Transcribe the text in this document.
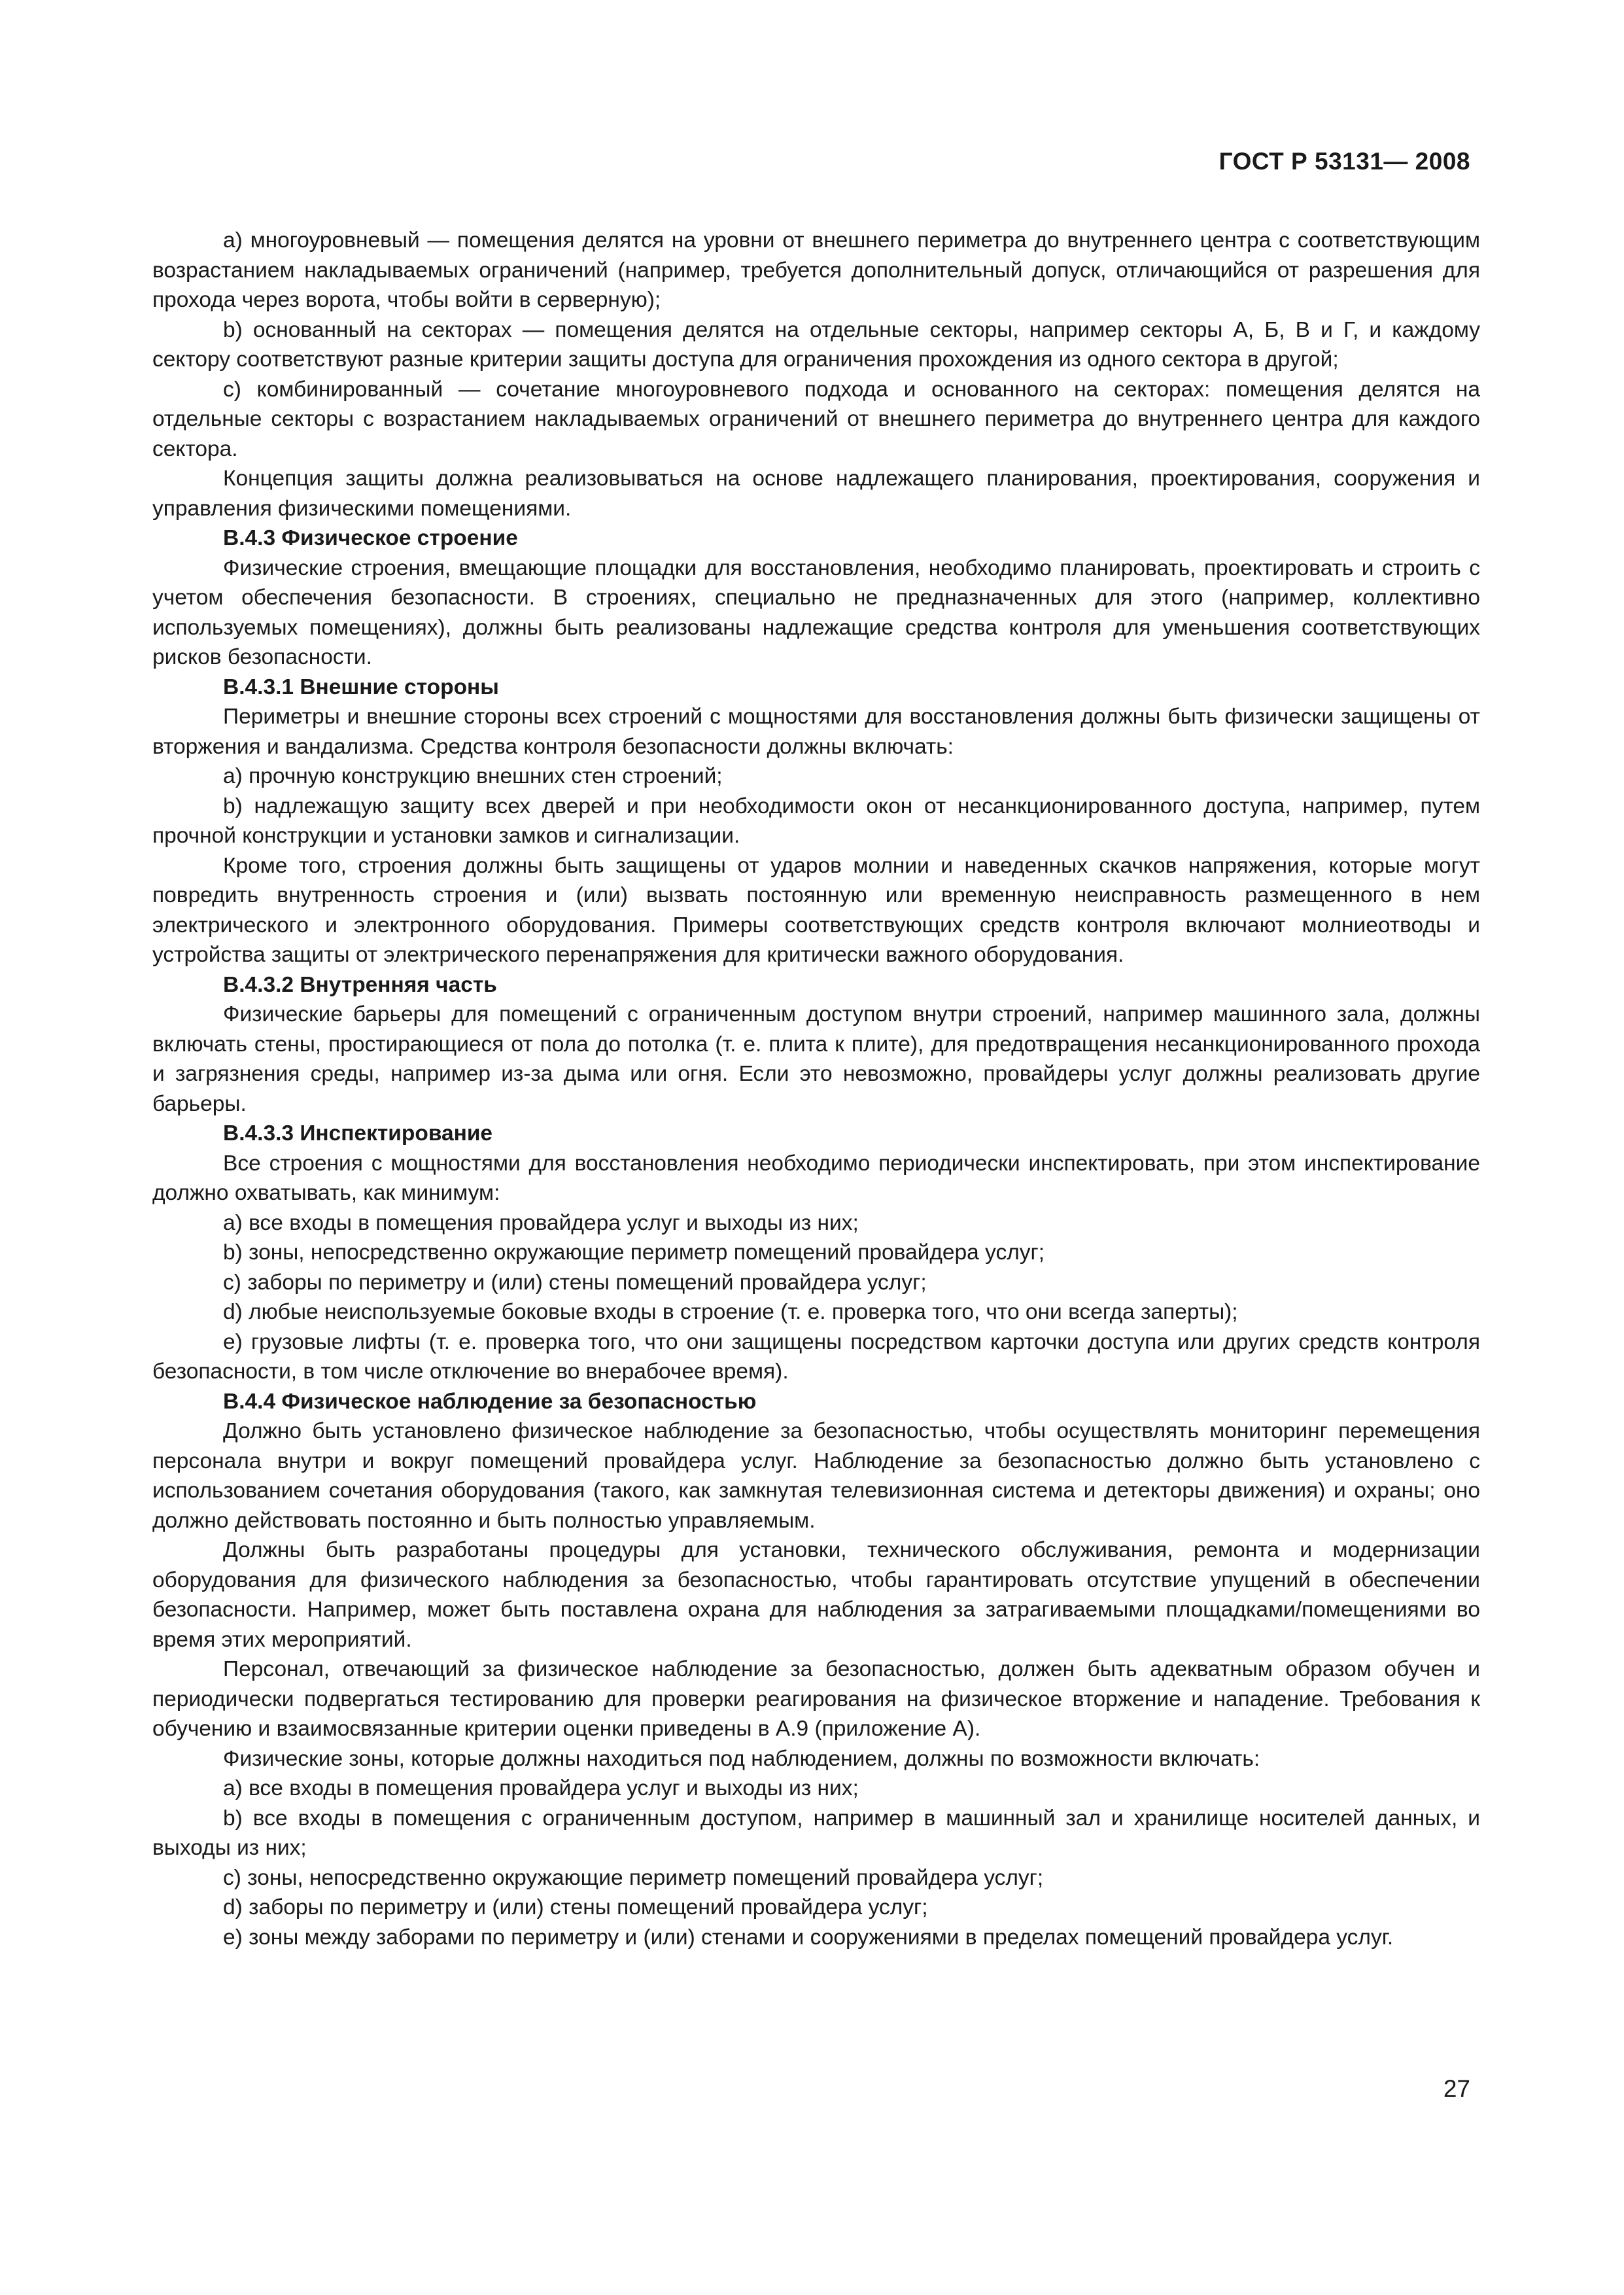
ГОСТ Р 53131— 2008

a) многоуровневый — помещения делятся на уровни от внешнего периметра до внутреннего центра с соответствующим возрастанием накладываемых ограничений (например, требуется дополнительный допуск, отличающийся от разрешения для прохода через ворота, чтобы войти в серверную);

b) основанный на секторах — помещения делятся на отдельные секторы, например секторы А, Б, В и Г, и каждому сектору соответствуют разные критерии защиты доступа для ограничения прохождения из одного сектора в другой;

c) комбинированный — сочетание многоуровневого подхода и основанного на секторах: помещения делятся на отдельные секторы с возрастанием накладываемых ограничений от внешнего периметра до внутреннего центра для каждого сектора.

Концепция защиты должна реализовываться на основе надлежащего планирования, проектирования, сооружения и управления физическими помещениями.

В.4.3 Физическое строение

Физические строения, вмещающие площадки для восстановления, необходимо планировать, проектировать и строить с учетом обеспечения безопасности. В строениях, специально не предназначенных для этого (например, коллективно используемых помещениях), должны быть реализованы надлежащие средства контроля для уменьшения соответствующих рисков безопасности.

В.4.3.1 Внешние стороны

Периметры и внешние стороны всех строений с мощностями для восстановления должны быть физически защищены от вторжения и вандализма. Средства контроля безопасности должны включать:

a) прочную конструкцию внешних стен строений;

b) надлежащую защиту всех дверей и при необходимости окон от несанкционированного доступа, например, путем прочной конструкции и установки замков и сигнализации.

Кроме того, строения должны быть защищены от ударов молнии и наведенных скачков напряжения, которые могут повредить внутренность строения и (или) вызвать постоянную или временную неисправность размещенного в нем электрического и электронного оборудования. Примеры соответствующих средств контроля включают молниеотводы и устройства защиты от электрического перенапряжения для критически важного оборудования.

В.4.3.2 Внутренняя часть

Физические барьеры для помещений с ограниченным доступом внутри строений, например машинного зала, должны включать стены, простирающиеся от пола до потолка (т. е. плита к плите), для предотвращения несанкционированного прохода и загрязнения среды, например из-за дыма или огня. Если это невозможно, провайдеры услуг должны реализовать другие барьеры.

В.4.3.3 Инспектирование

Все строения с мощностями для восстановления необходимо периодически инспектировать, при этом инспектирование должно охватывать, как минимум:

a) все входы в помещения провайдера услуг и выходы из них;

b) зоны, непосредственно окружающие периметр помещений провайдера услуг;

c) заборы по периметру и (или) стены помещений провайдера услуг;

d) любые неиспользуемые боковые входы в строение (т. е. проверка того, что они всегда заперты);

e) грузовые лифты (т. е. проверка того, что они защищены посредством карточки доступа или других средств контроля безопасности, в том числе отключение во внерабочее время).

В.4.4 Физическое наблюдение за безопасностью

Должно быть установлено физическое наблюдение за безопасностью, чтобы осуществлять мониторинг перемещения персонала внутри и вокруг помещений провайдера услуг. Наблюдение за безопасностью должно быть установлено с использованием сочетания оборудования (такого, как замкнутая телевизионная система и детекторы движения) и охраны; оно должно действовать постоянно и быть полностью управляемым.

Должны быть разработаны процедуры для установки, технического обслуживания, ремонта и модернизации оборудования для физического наблюдения за безопасностью, чтобы гарантировать отсутствие упущений в обеспечении безопасности. Например, может быть поставлена охрана для наблюдения за затрагиваемыми площадками/помещениями во время этих мероприятий.

Персонал, отвечающий за физическое наблюдение за безопасностью, должен быть адекватным образом обучен и периодически подвергаться тестированию для проверки реагирования на физическое вторжение и нападение. Требования к обучению и взаимосвязанные критерии оценки приведены в А.9 (приложение А).

Физические зоны, которые должны находиться под наблюдением, должны по возможности включать:

a) все входы в помещения провайдера услуг и выходы из них;

b) все входы в помещения с ограниченным доступом, например в машинный зал и хранилище носителей данных, и выходы из них;

c) зоны, непосредственно окружающие периметр помещений провайдера услуг;

d) заборы по периметру и (или) стены помещений провайдера услуг;

e) зоны между заборами по периметру и (или) стенами и сооружениями в пределах помещений провайдера услуг.

27
